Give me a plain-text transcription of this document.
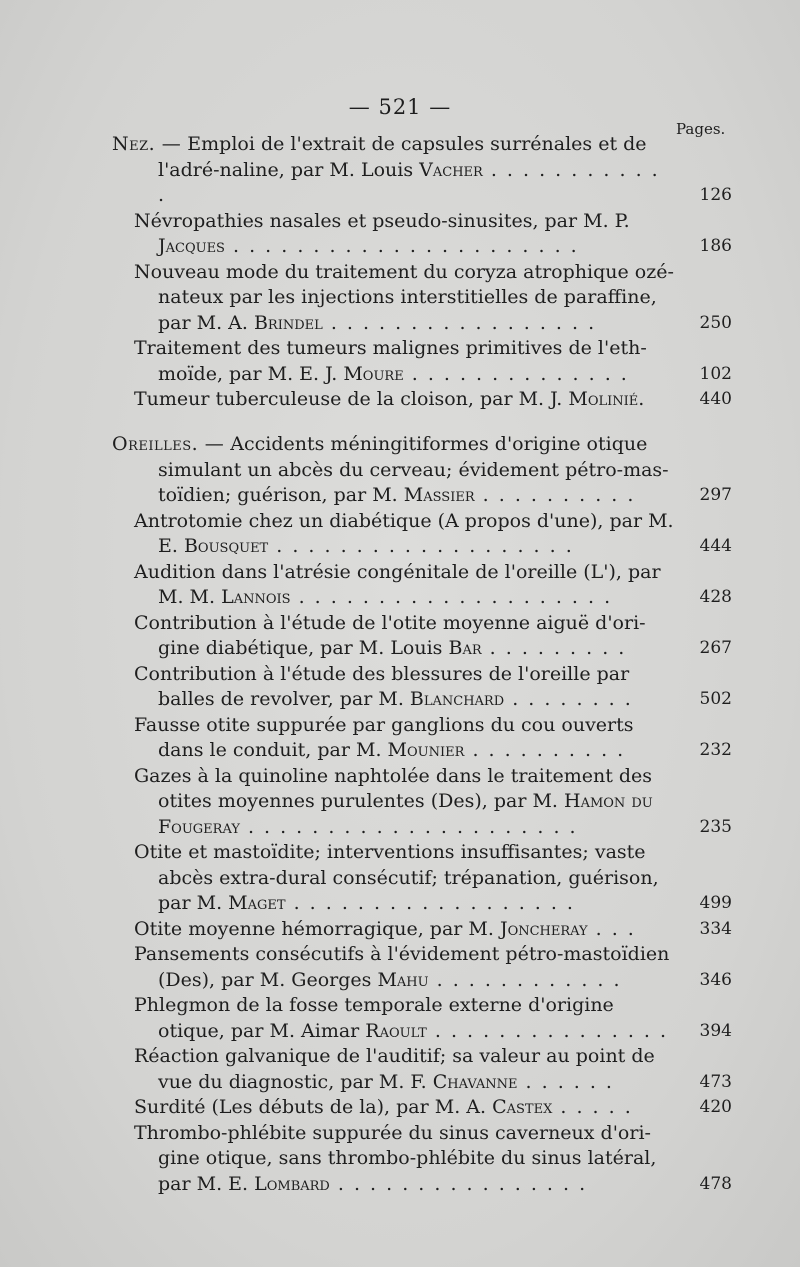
— 521 —
Pages.
Nez. — Emploi de l'extrait de capsules surrénales et de l'adré-naline, par M. Louis Vacher . . . . . . . . . . . .	126
Névropathies nasales et pseudo-sinusites, par M. P. Jacques . . . . . . . . . . . . . . . . . . . . . .	186
Nouveau mode du traitement du coryza atrophique ozé-nateux par les injections interstitielles de paraffine, par M. A. Brindel . . . . . . . . . . . . . . . . .	250
Traitement des tumeurs malignes primitives de l'eth-moïde, par M. E. J. Moure . . . . . . . . . . . . . .	102
Tumeur tuberculeuse de la cloison, par M. J. Molinié.	440
Oreilles. — Accidents méningitiformes d'origine otique simulant un abcès du cerveau; évidement pétro-mas-toïdien; guérison, par M. Massier . . . . . . . . . .	297
Antrotomie chez un diabétique (A propos d'une), par M. E. Bousquet . . . . . . . . . . . . . . . . . . .	444
Audition dans l'atrésie congénitale de l'oreille (L'), par M. M. Lannois . . . . . . . . . . . . . . . . . . . .	428
Contribution à l'étude de l'otite moyenne aiguë d'ori-gine diabétique, par M. Louis Bar . . . . . . . . .	267
Contribution à l'étude des blessures de l'oreille par balles de revolver, par M. Blanchard . . . . . . . .	502
Fausse otite suppurée par ganglions du cou ouverts dans le conduit, par M. Mounier . . . . . . . . . .	232
Gazes à la quinoline naphtolée dans le traitement des otites moyennes purulentes (Des), par M. Hamon du Fougeray . . . . . . . . . . . . . . . . . . . . .	235
Otite et mastoïdite; interventions insuffisantes; vaste abcès extra-dural consécutif; trépanation, guérison, par M. Maget . . . . . . . . . . . . . . . . . .	499
Otite moyenne hémorragique, par M. Joncheray . . .	334
Pansements consécutifs à l'évidement pétro-mastoïdien (Des), par M. Georges Mahu . . . . . . . . . . . .	346
Phlegmon de la fosse temporale externe d'origine otique, par M. Aimar Raoult . . . . . . . . . . . . . . .	394
Réaction galvanique de l'auditif; sa valeur au point de vue du diagnostic, par M. F. Chavanne . . . . . .	473
Surdité (Les débuts de la), par M. A. Castex . . . . .	420
Thrombo-phlébite suppurée du sinus caverneux d'ori-gine otique, sans thrombo-phlébite du sinus latéral, par M. E. Lombard . . . . . . . . . . . . . . . .	478
